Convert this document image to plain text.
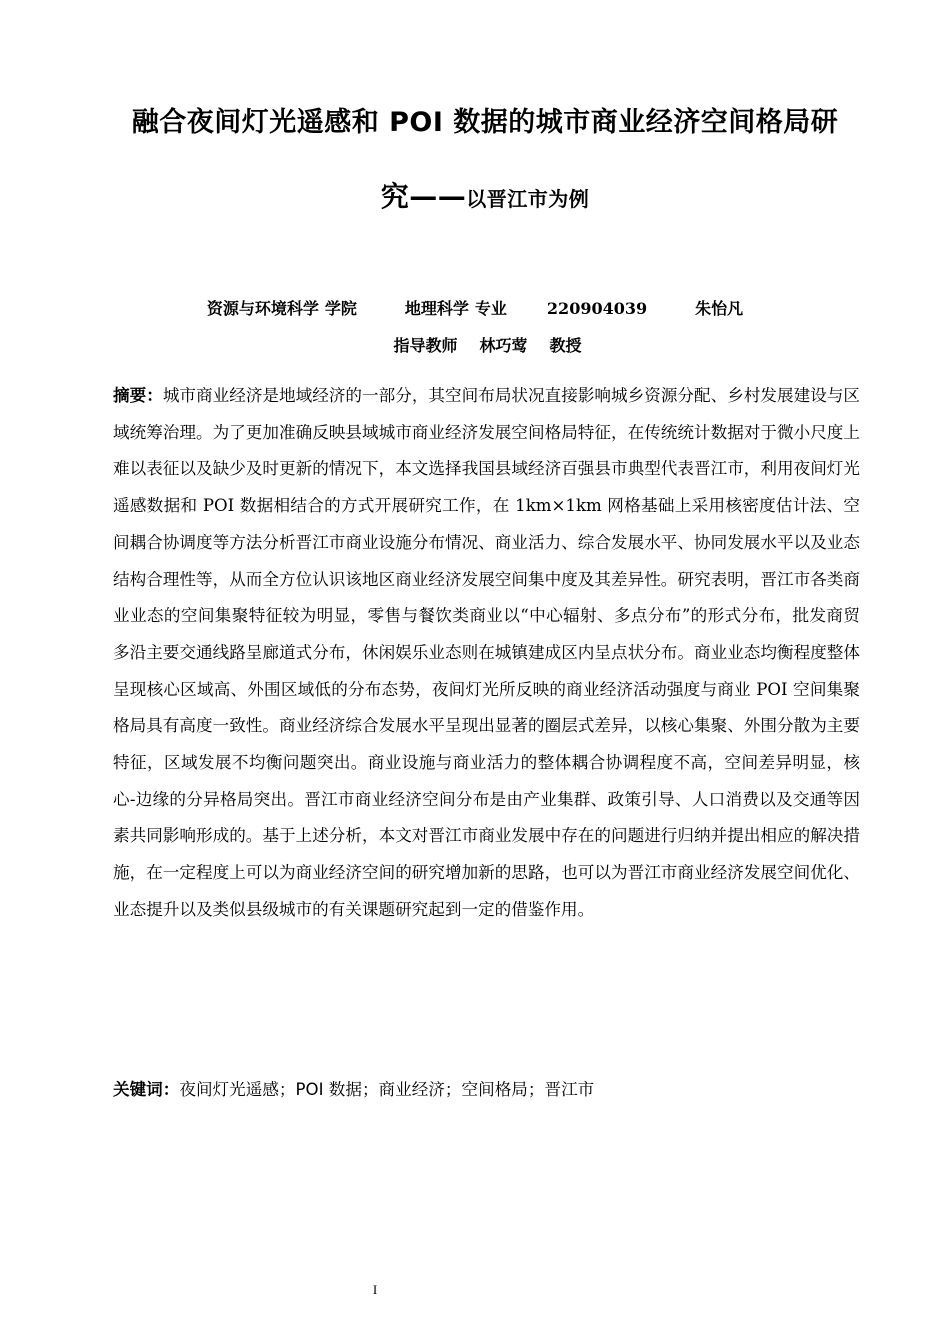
融合夜间灯光遥感和 POI 数据的城市商业经济空间格局研
究——以晋江市为例
资源与环境科学 学院	地理科学 专业	220904039	朱怡凡
指导教师 林巧莺 教授
摘要：城市商业经济是地域经济的一部分，其空间布局状况直接影响城乡资源分配、乡村发展建设与区域统筹治理。为了更加准确反映县域城市商业经济发展空间格局特征，在传统统计数据对于微小尺度上难以表征以及缺少及时更新的情况下，本文选择我国县域经济百强县市典型代表晋江市，利用夜间灯光遥感数据和 POI 数据相结合的方式开展研究工作，在 1km×1km 网格基础上采用核密度估计法、空间耦合协调度等方法分析晋江市商业设施分布情况、商业活力、综合发展水平、协同发展水平以及业态结构合理性等，从而全方位认识该地区商业经济发展空间集中度及其差异性。研究表明，晋江市各类商业业态的空间集聚特征较为明显，零售与餐饮类商业以“中心辐射、多点分布”的形式分布，批发商贸多沿主要交通线路呈廊道式分布，休闲娱乐业态则在城镇建成区内呈点状分布。商业业态均衡程度整体呈现核心区域高、外围区域低的分布态势，夜间灯光所反映的商业经济活动强度与商业 POI 空间集聚格局具有高度一致性。商业经济综合发展水平呈现出显著的圈层式差异，以核心集聚、外围分散为主要特征，区域发展不均衡问题突出。商业设施与商业活力的整体耦合协调程度不高，空间差异明显，核心-边缘的分异格局突出。晋江市商业经济空间分布是由产业集群、政策引导、人口消费以及交通等因素共同影响形成的。基于上述分析，本文对晋江市商业发展中存在的问题进行归纳并提出相应的解决措施，在一定程度上可以为商业经济空间的研究增加新的思路，也可以为晋江市商业经济发展空间优化、业态提升以及类似县级城市的有关课题研究起到一定的借鉴作用。
关键词：夜间灯光遥感；POI 数据；商业经济；空间格局；晋江市
I
